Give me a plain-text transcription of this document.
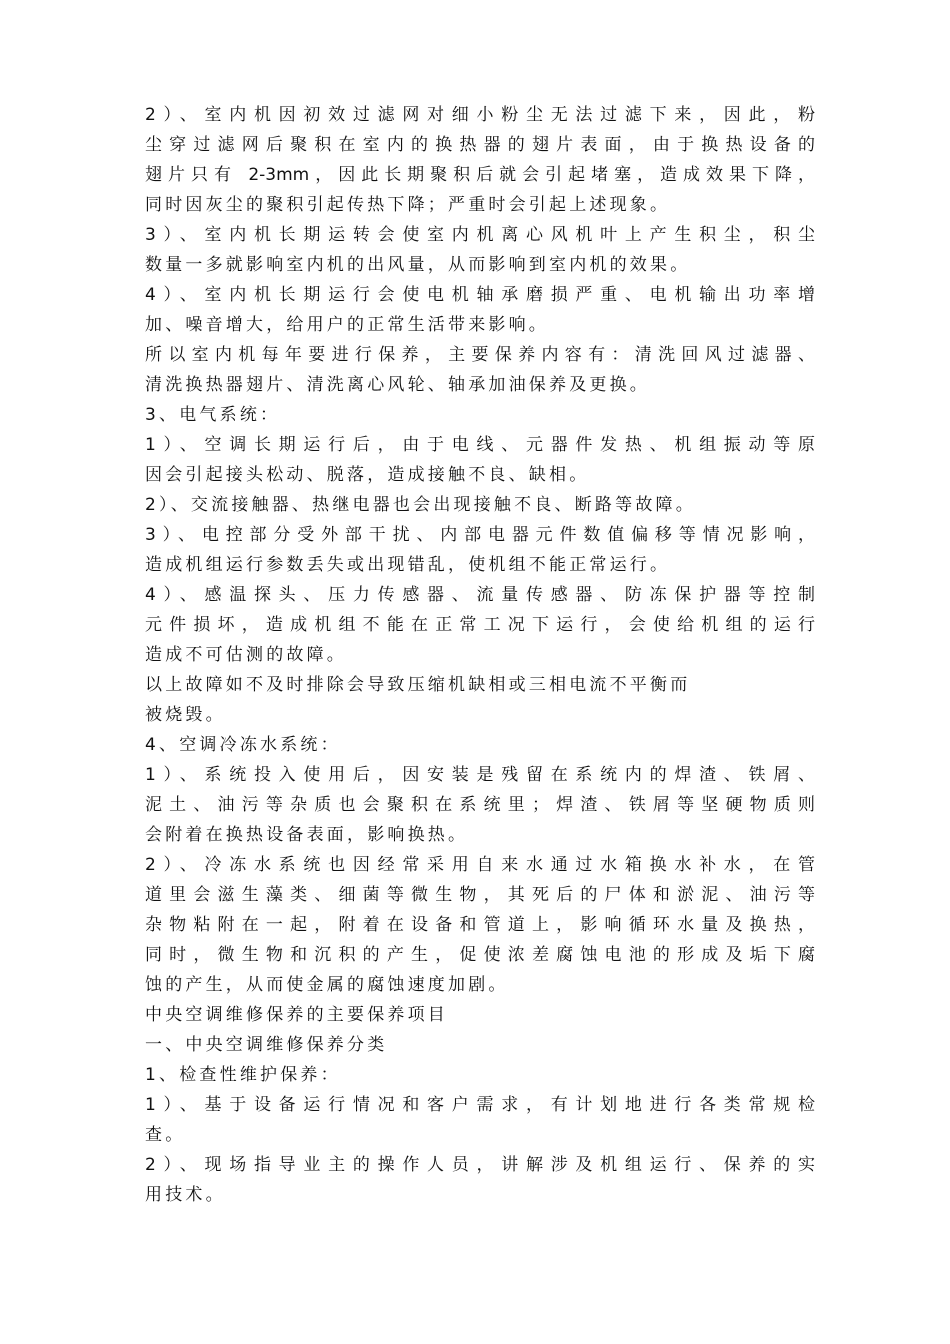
2）、室内机因初效过滤网对细小粉尘无法过滤下来，因此，粉
尘穿过滤网后聚积在室内的换热器的翅片表面，由于换热设备的
翅片只有 2-3mm，因此长期聚积后就会引起堵塞，造成效果下降，
同时因灰尘的聚积引起传热下降；严重时会引起上述现象。
3）、室内机长期运转会使室内机离心风机叶上产生积尘，积尘
数量一多就影响室内机的出风量，从而影响到室内机的效果。
4）、室内机长期运行会使电机轴承磨损严重、电机输出功率增
加、噪音增大，给用户的正常生活带来影响。
所以室内机每年要进行保养，主要保养内容有：清洗回风过滤器、
清洗换热器翅片、清洗离心风轮、轴承加油保养及更换。
3、电气系统：
1）、空调长期运行后，由于电线、元器件发热、机组振动等原
因会引起接头松动、脱落，造成接触不良、缺相。
2）、交流接触器、热继电器也会出现接触不良、断路等故障。
3）、电控部分受外部干扰、内部电器元件数值偏移等情况影响，
造成机组运行参数丢失或出现错乱，使机组不能正常运行。
4）、感温探头、压力传感器、流量传感器、防冻保护器等控制
元件损坏，造成机组不能在正常工况下运行，会使给机组的运行
造成不可估测的故障。
以上故障如不及时排除会导致压缩机缺相或三相电流不平衡而
被烧毁。
4、空调冷冻水系统：
1）、系统投入使用后，因安装是残留在系统内的焊渣、铁屑、
泥土、油污等杂质也会聚积在系统里；焊渣、铁屑等坚硬物质则
会附着在换热设备表面，影响换热。
2）、冷冻水系统也因经常采用自来水通过水箱换水补水，在管
道里会滋生藻类、细菌等微生物，其死后的尸体和淤泥、油污等
杂物粘附在一起，附着在设备和管道上，影响循环水量及换热，
同时，微生物和沉积的产生，促使浓差腐蚀电池的形成及垢下腐
蚀的产生，从而使金属的腐蚀速度加剧。
中央空调维修保养的主要保养项目
一、中央空调维修保养分类
1、检查性维护保养：
1）、基于设备运行情况和客户需求，有计划地进行各类常规检
查。
2）、现场指导业主的操作人员，讲解涉及机组运行、保养的实
用技术。
